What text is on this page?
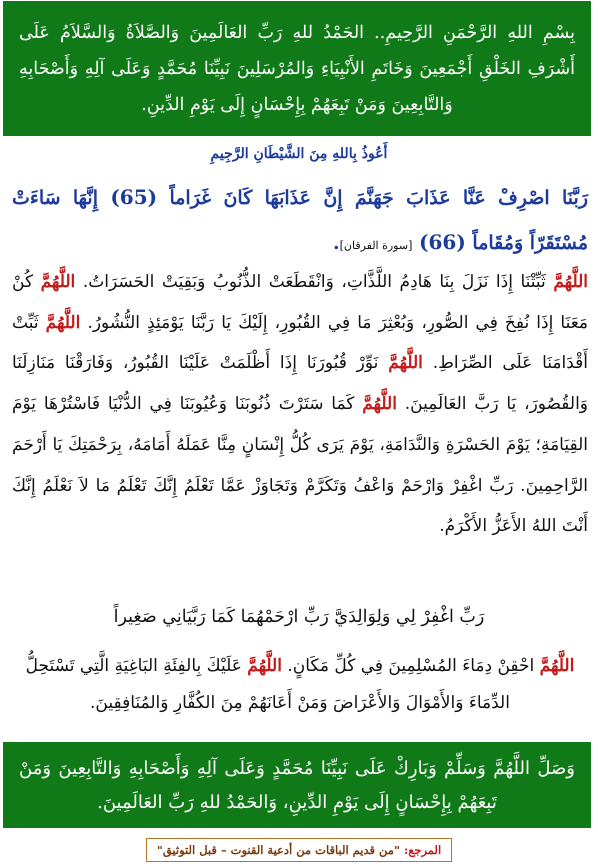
بِسْمِ اللهِ الرَّحْمَنِ الرَّحِيمِ.. الحَمْدُ للهِ رَبِّ العَالَمِينَ وَالصَّلاَةُ وَالسَّلاَمُ عَلَى أَشْرَفِ الخَلْقِ أَجْمَعِينَ وَخَاتَمِ الأَنْبِيَاءِ وَالمُرْسَلِينَ نَبِيِّنَا مُحَمَّدٍ وَعَلَى آلِهِ وَأَصْحَابِهِ وَالتَّابِعِينَ وَمَنْ تَبِعَهُمْ بِإِحْسَانٍ إِلَى يَوْمِ الدِّينِ.
أَعُوذُ بِاللهِ مِنَ الشَّيْطَانِ الرَّجِيمِ
رَبَّنَا اصْرِفْ عَنَّا عَذَابَ جَهَنَّمَ إِنَّ عَذَابَهَا كَانَ غَرَاماً (65) إِنَّهَا سَاءَتْ مُسْتَقَرّاً وَمُقَاماً (66) [سورة الفرقان].
اللَّهُمَّ ثَبِّتْنَا إِذَا نَزَلَ بِنَا هَادِمُ اللَّذَّاتِ، وَانْقَطَعَتْ الذُّنُوبُ وَبَقِيَتْ الحَسَرَاتُ. اللَّهُمَّ كُنْ مَعَنَا إِذَا نُفِخَ فِي الصُّورِ، وَبُعْثِرَ مَا فِي القُبُورِ، إِلَيْكَ يَا رَبَّنَا يَوْمَئِذٍ النُّشُورُ. اللَّهُمَّ ثَبِّتْ أَقْدَامَنَا عَلَى الصِّرَاطِ. اللَّهُمَّ نَوِّرْ قُبُورَنَا إِذَا أَظْلَمَتْ عَلَيْنَا القُبُورُ، وَفَارَقْنَا مَنَازِلَنَا وَالقُصُورَ، يَا رَبَّ العَالَمِينَ. اللَّهُمَّ كَمَا سَتَرْتَ ذُنُوبَنَا وَعُيُوبَنَا فِي الدُّنْيَا فَاسْتُرْهَا يَوْمَ القِيَامَةِ؛ يَوْمَ الحَسْرَةِ وَالنَّدَامَةِ، يَوْمَ يَرَى كُلُّ إِنْسَانٍ مِنَّا عَمَلَهُ أَمَامَهُ، بِرَحْمَتِكَ يَا أَرْحَمَ الرَّاحِمِينَ. رَبِّ اغْفِرْ وَارْحَمْ وَاعْفُ وَتَكَرَّمْ وَتَجَاوَزْ عَمَّا تَعْلَمُ إِنَّكَ تَعْلَمُ مَا لاَ نَعْلَمُ إِنَّكَ أَنْتَ اللهُ الأَعَزُّ الأَكْرَمُ.
رَبِّ اغْفِرْ لِي وَلِوَالِدَيَّ رَبِّ ارْحَمْهُمَا كَمَا رَبَّيَانِي صَغِيراً
اللَّهُمَّ احْقِنْ دِمَاءَ المُسْلِمِينَ فِي كُلِّ مَكَانٍ. اللَّهُمَّ عَلَيْكَ بِالفِئَةِ البَاغِيَةِ الَّتِي تَسْتَحِلُّ الدِّمَاءَ وَالأَمْوَالَ وَالأَعْرَاضَ وَمَنْ أَعَانَهُمْ مِنَ الكُفَّارِ وَالمُنَافِقِينَ.
وَصَلِّ اللَّهُمَّ وَسَلِّمْ وَبَارِكْ عَلَى نَبِيِّنَا مُحَمَّدٍ وَعَلَى آلِهِ وَأَصْحَابِهِ وَالتَّابِعِينَ وَمَنْ تَبِعَهُمْ بِإِحْسَانٍ إِلَى يَوْمِ الدِّينِ، وَالحَمْدُ للهِ رَبِّ العَالَمِينَ.
المرجع: "من قديم الباقات من أدعية القنوت – قبل التوثيق"
